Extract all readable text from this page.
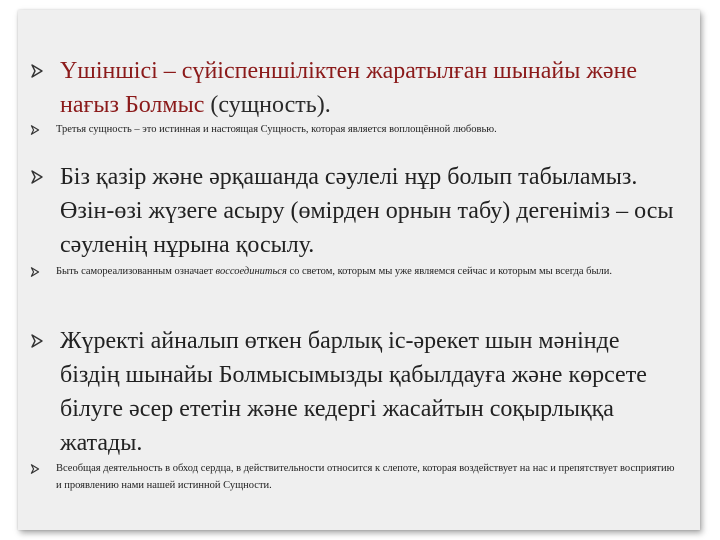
Үшіншісі – сүйіспеншіліктен жаратылған шынайы және нағыз Болмыс (сущность).
Третья сущность – это истинная и настоящая Сущность, которая является воплощённой любовью.
Біз қазір және әрқашанда сәулелі нұр болып табыламыз. Өзін-өзі жүзеге асыру (өмірден орнын табу) дегеніміз – осы сәуленің нұрына қосылу.
Быть самореализованным означает воссоединиться со светом, которым мы уже являемся сейчас и которым мы всегда были.
Жүректі айналып өткен барлық іс-әрекет шын мәнінде біздің шынайы Болмысымызды қабылдауға және көрсете білуге әсер ететін және кедергі жасайтын соқырлыққа жатады.
Всеобщая деятельность в обход сердца, в действительности относится к слепоте, которая воздействует на нас и препятствует восприятию и проявлению нами нашей истинной Сущности.
